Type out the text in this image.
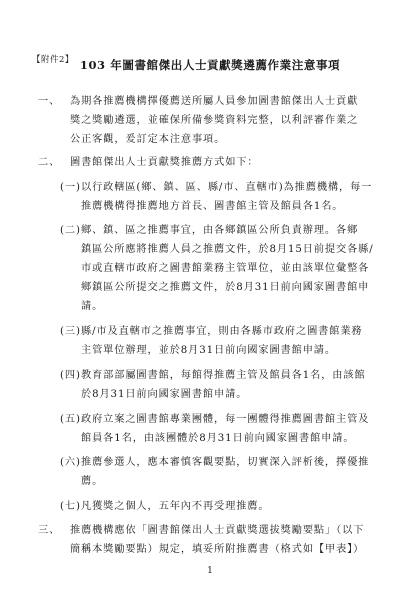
【附件2】 103 年圖書館傑出人士貢獻獎遴薦作業注意事項
一、 為期各推薦機構擇優薦送所屬人員參加圖書館傑出人士貢獻
獎之獎勵遴選，並確保所備參獎資料完整，以利評審作業之
公正客觀，爰訂定本注意事項。
二、 圖書館傑出人士貢獻獎推薦方式如下：
(一) 以行政轄區(鄉、鎮、區、縣/市、直轄市)為推薦機構，每一
推薦機構得推薦地方首長、圖書館主管及館員各1名。
(二) 鄉、鎮、區之推薦事宜，由各鄉鎮區公所負責辦理。各鄉
鎮區公所應將推薦人員之推薦文件，於8月15日前提交各縣/
市或直轄市政府之圖書館業務主管單位，並由該單位彙整各
鄉鎮區公所提交之推薦文件，於8月31日前向國家圖書館申
請。
(三) 縣/市及直轄市之推薦事宜，則由各縣市政府之圖書館業務
主管單位辦理，並於8月31日前向國家圖書館申請。
(四) 教育部部屬圖書館，每館得推薦主管及館員各1名，由該館
於8月31日前向國家圖書館申請。
(五) 政府立案之圖書館專業團體，每一團體得推薦圖書館主管及
館員各1名，由該團體於8月31日前向國家圖書館申請。
(六) 推薦參選人，應本審慎客觀要點，切實深入評析後，擇優推
薦。
(七) 凡獲獎之個人，五年內不再受理推薦。
三、 推薦機構應依「圖書館傑出人士貢獻獎選拔獎勵要點」（以下
簡稱本獎勵要點）規定，填妥所附推薦書（格式如【甲表】）
1
